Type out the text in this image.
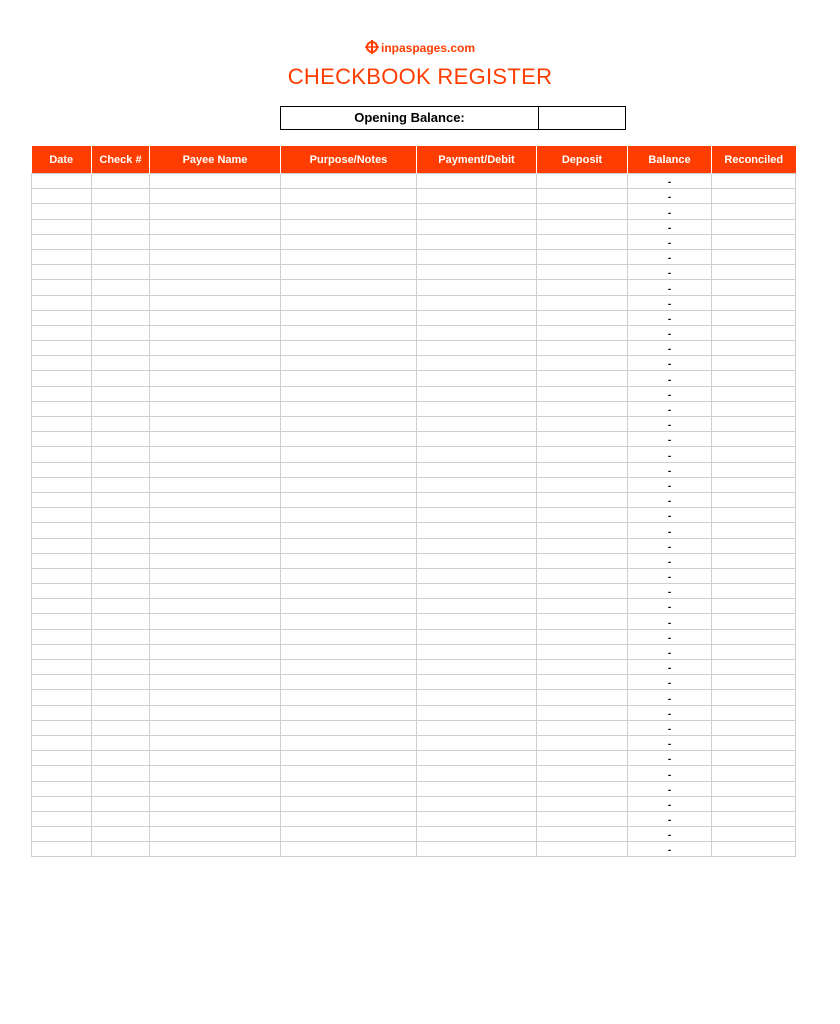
inpaspages.com
CHECKBOOK REGISTER
Opening Balance:
Date	Check #	Payee Name	Purpose/Notes	Payment/Debit	Deposit	Balance	Reconciled
						-	
						-	
						-	
						-	
						-	
						-	
						-	
						-	
						-	
						-	
						-	
						-	
						-	
						-	
						-	
						-	
						-	
						-	
						-	
						-	
						-	
						-	
						-	
						-	
						-	
						-	
						-	
						-	
						-	
						-	
						-	
						-	
						-	
						-	
						-	
						-	
						-	
						-	
						-	
						-	
						-	
						-	
						-	
						-	
						-	
